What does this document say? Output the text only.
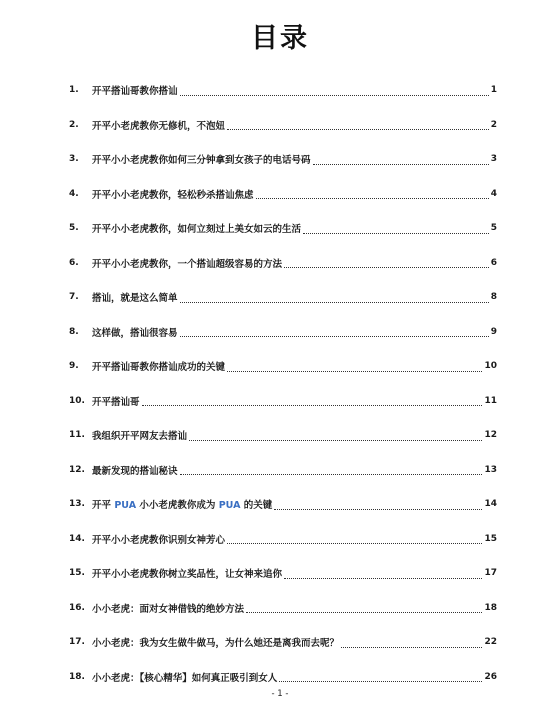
目录
1.	开平搭讪哥教你搭讪	1
2.	开平小老虎教你无修机，不泡妞	2
3.	开平小小老虎教你如何三分钟拿到女孩子的电话号码	3
4.	开平小小老虎教你，轻松秒杀搭讪焦虑	4
5.	开平小小老虎教你，如何立刻过上美女如云的生活	5
6.	开平小小老虎教你，一个搭讪超级容易的方法	6
7.	搭讪，就是这么简单	8
8.	这样做，搭讪很容易	9
9.	开平搭讪哥教你搭讪成功的关键	10
10. 开平搭讪哥	11
11. 我组织开平网友去搭讪	12
12. 最新发现的搭讪秘诀	13
13. 开平 PUA 小小老虎教你成为 PUA 的关键	14
14. 开平小小老虎教你识别女神芳心	15
15. 开平小小老虎教你树立奖品性，让女神来追你	17
16. 小小老虎：面对女神借钱的绝妙方法	18
17. 小小老虎：我为女生做牛做马，为什么她还是离我而去呢？	22
18. 小小老虎：【核心精华】如何真正吸引到女人	26
- 1 -
